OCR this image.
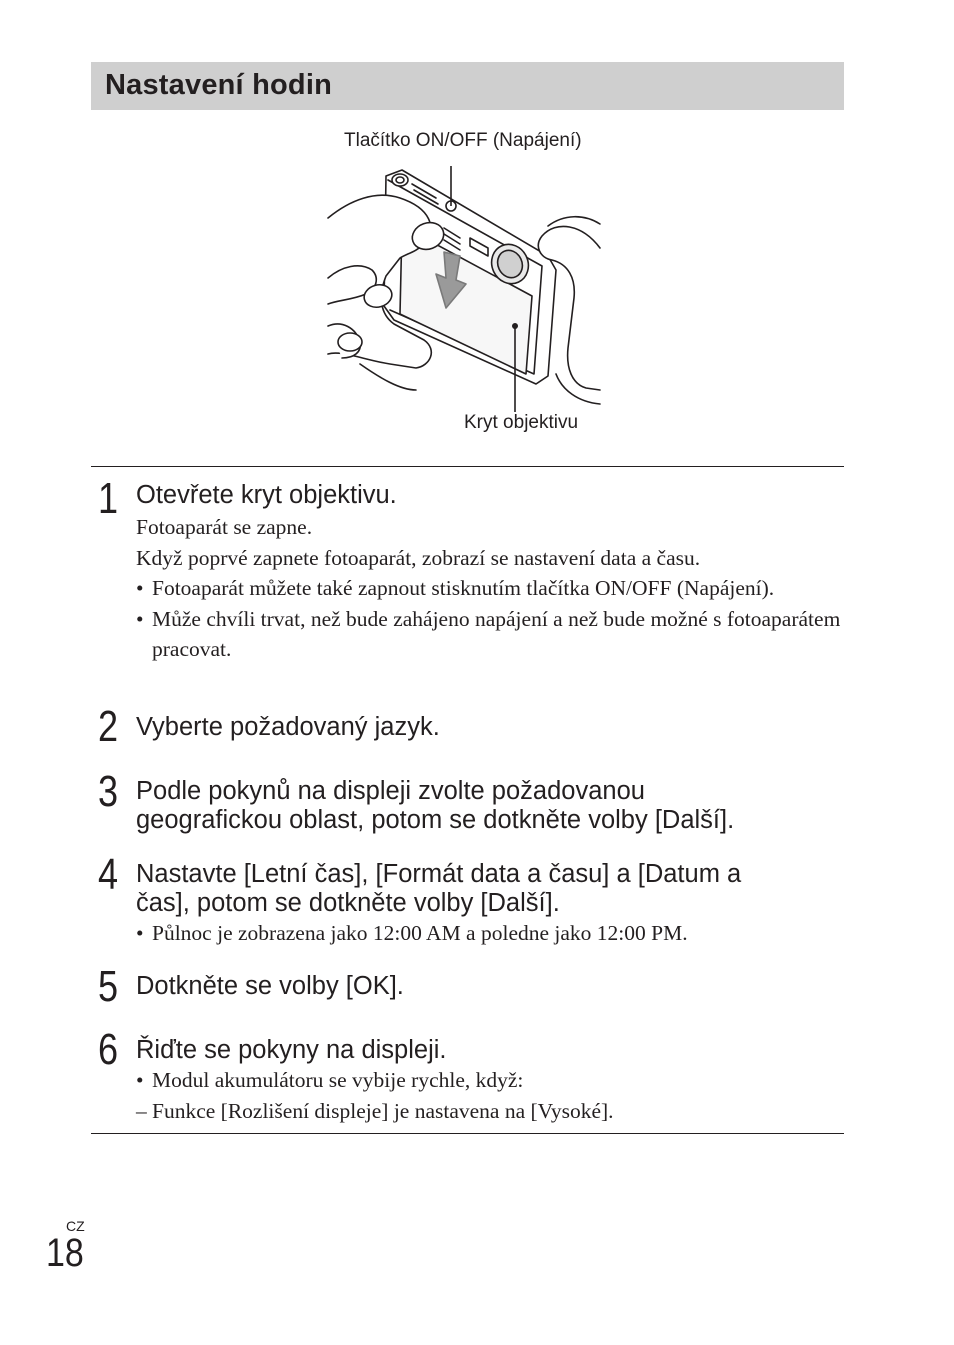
Nastavení hodin
Tlačítko ON/OFF (Napájení)
Kryt objektivu
1 Otevřete kryt objektivu.

Fotoaparát se zapne.

Když poprvé zapnete fotoaparát, zobrazí se nastavení data a času.

• Fotoaparát můžete také zapnout stisknutím tlačítka ON/OFF (Napájení).
• Může chvíli trvat, než bude zahájeno napájení a než bude možné s fotoaparátem pracovat.
2 Vyberte požadovaný jazyk.

3 Podle pokynů na displeji zvolte požadovanou

geografickou oblast, potom se dotkněte volby [Další].

4 Nastavte [Letní čas], [Formát data a času] a [Datum a

čas], potom se dotkněte volby [Další].

• Půlnoc je zobrazena jako 12:00 AM a poledne jako 12:00 PM.
5 Dotkněte se volby [OK].

6 Řiďte se pokyny na displeji.

• Modul akumulátoru se vybije rychle, když:
– Funkce [Rozlišení displeje] je nastavena na [Vysoké].
CZ
18
